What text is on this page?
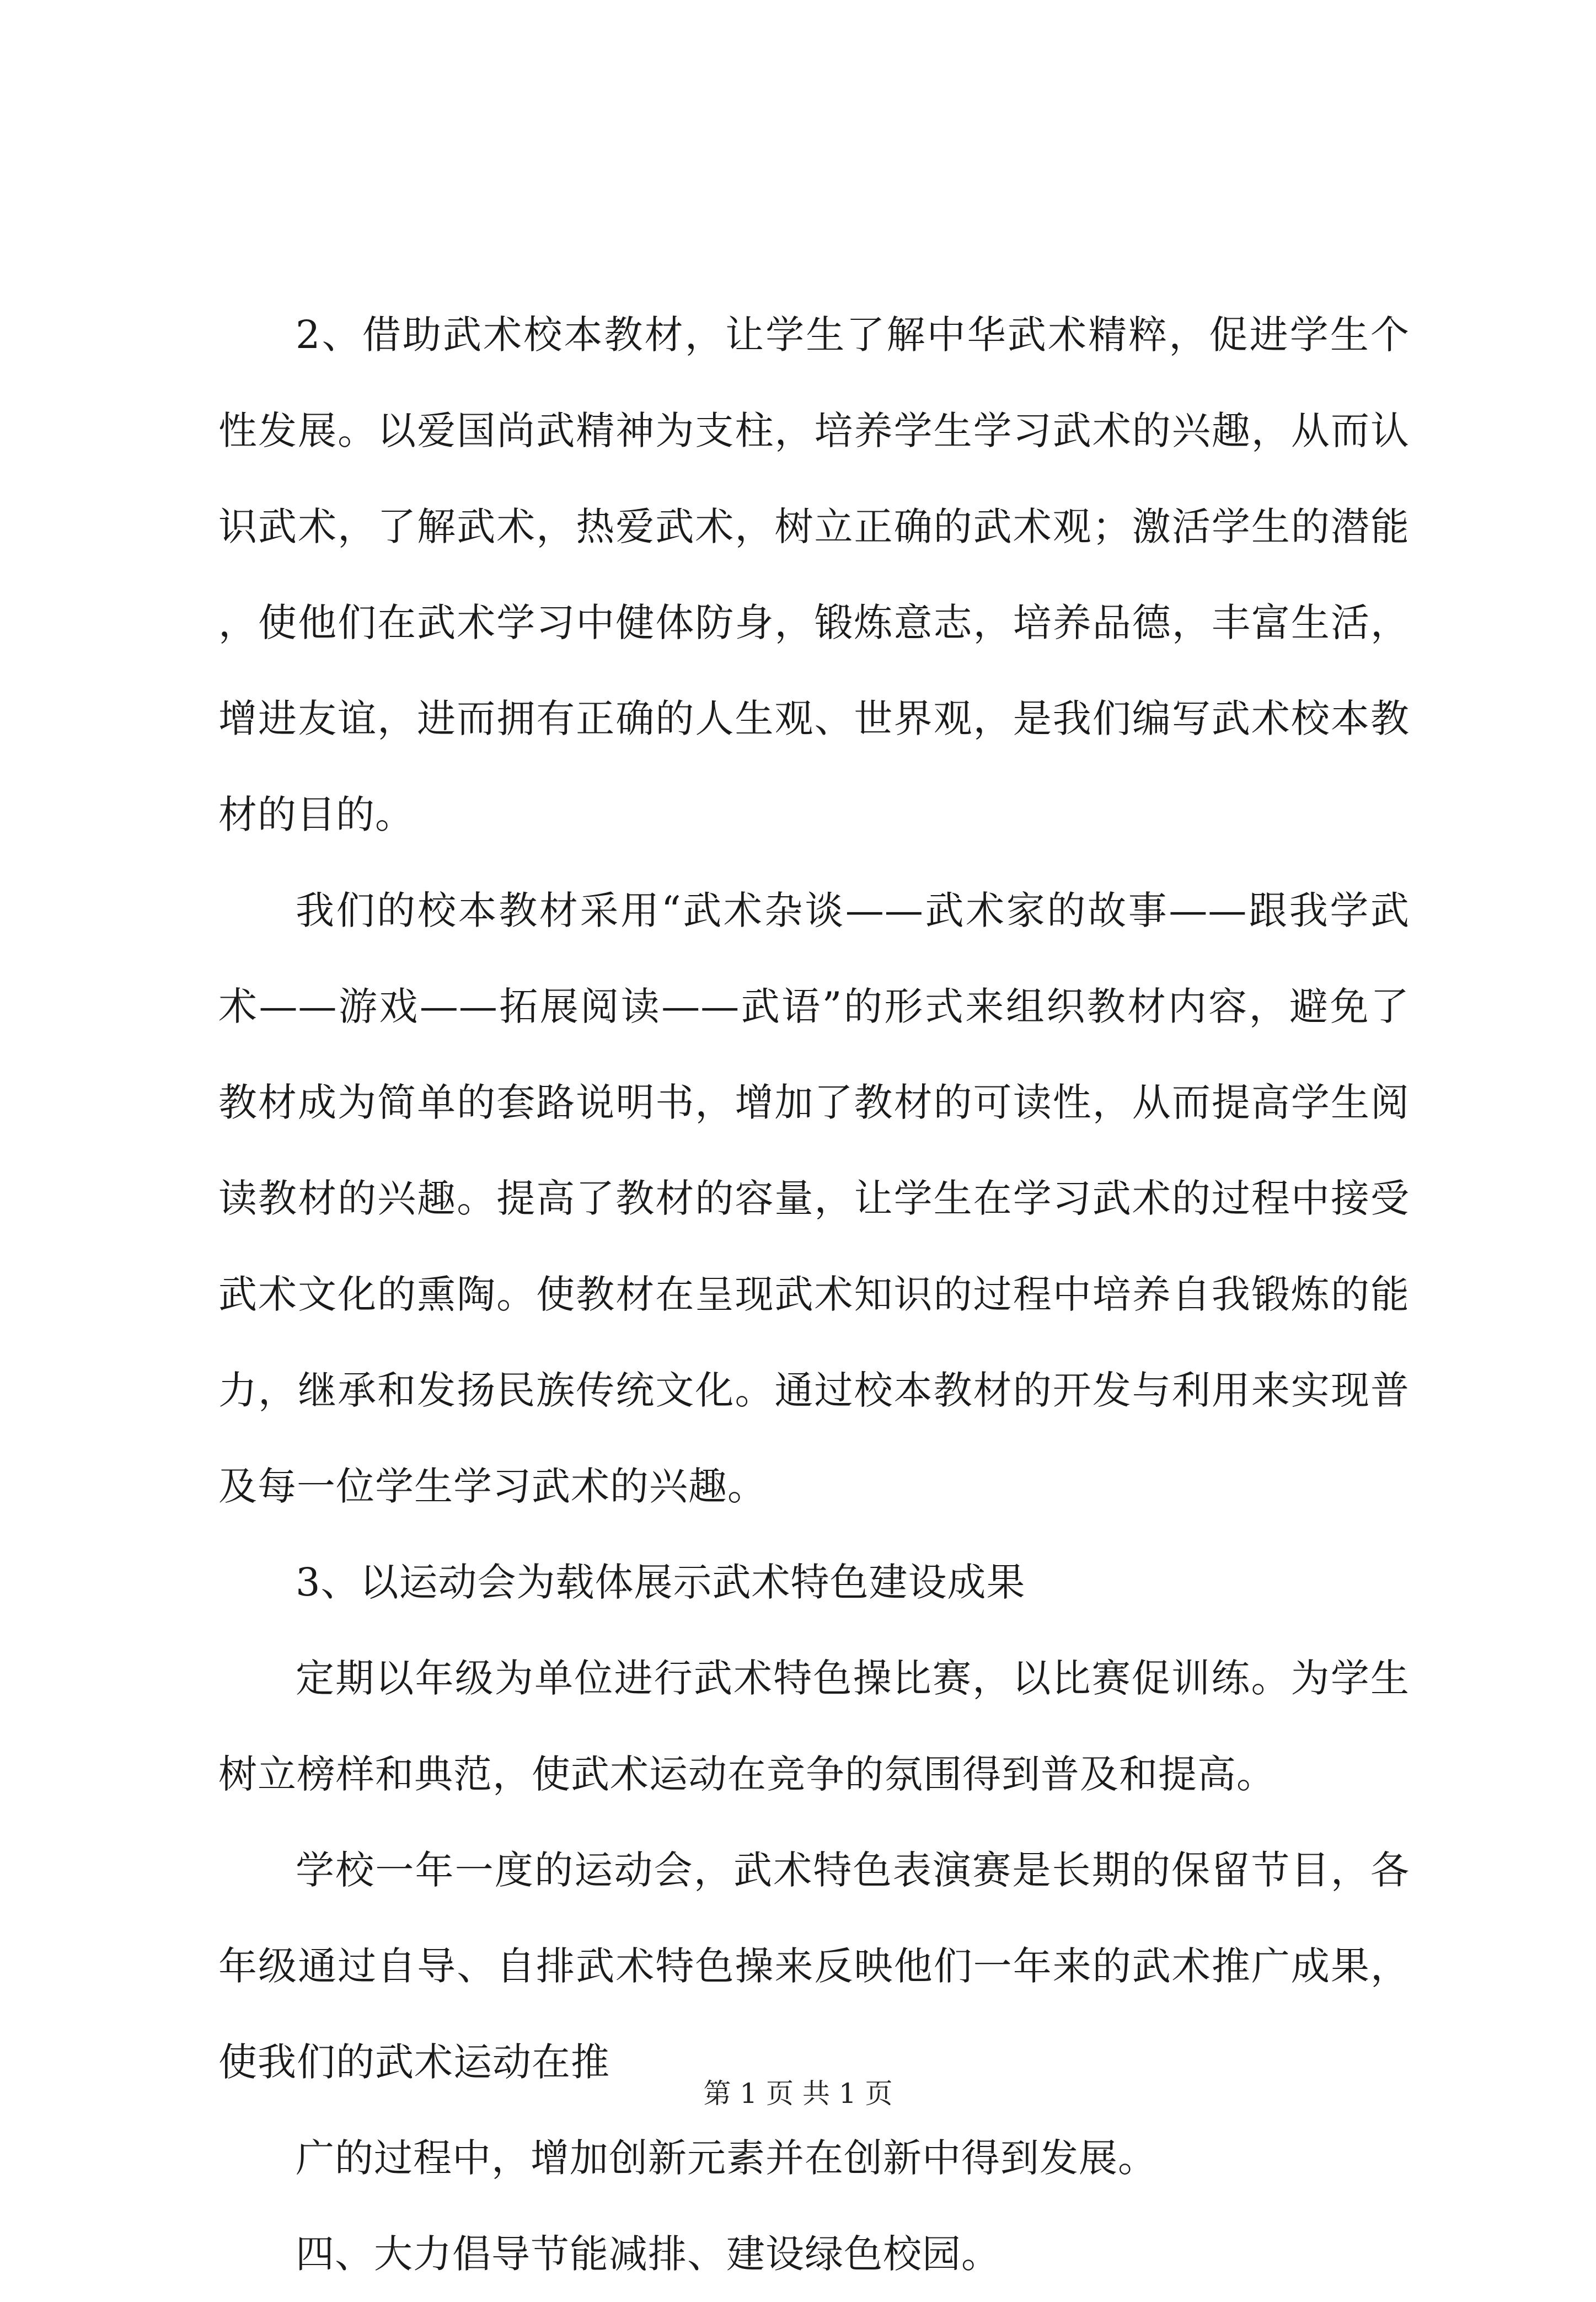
2、借助武术校本教材，让学生了解中华武术精粹，促进学生个性发展。以爱国尚武精神为支柱，培养学生学习武术的兴趣，从而认识武术，了解武术，热爱武术，树立正确的武术观；激活学生的潜能，使他们在武术学习中健体防身，锻炼意志，培养品德，丰富生活，增进友谊，进而拥有正确的人生观、世界观，是我们编写武术校本教材的目的。

我们的校本教材采用“武术杂谈——武术家的故事——跟我学武术——游戏——拓展阅读——武语”的形式来组织教材内容，避免了教材成为简单的套路说明书，增加了教材的可读性，从而提高学生阅读教材的兴趣。提高了教材的容量，让学生在学习武术的过程中接受武术文化的熏陶。使教材在呈现武术知识的过程中培养自我锻炼的能力，继承和发扬民族传统文化。通过校本教材的开发与利用来实现普及每一位学生学习武术的兴趣。

3、以运动会为载体展示武术特色建设成果

定期以年级为单位进行武术特色操比赛，以比赛促训练。为学生树立榜样和典范，使武术运动在竞争的氛围得到普及和提高。

学校一年一度的运动会，武术特色表演赛是长期的保留节目，各年级通过自导、自排武术特色操来反映他们一年来的武术推广成果，使我们的武术运动在推

广的过程中，增加创新元素并在创新中得到发展。

四、大力倡导节能减排、建设绿色校园。

第 1 页 共 1 页
